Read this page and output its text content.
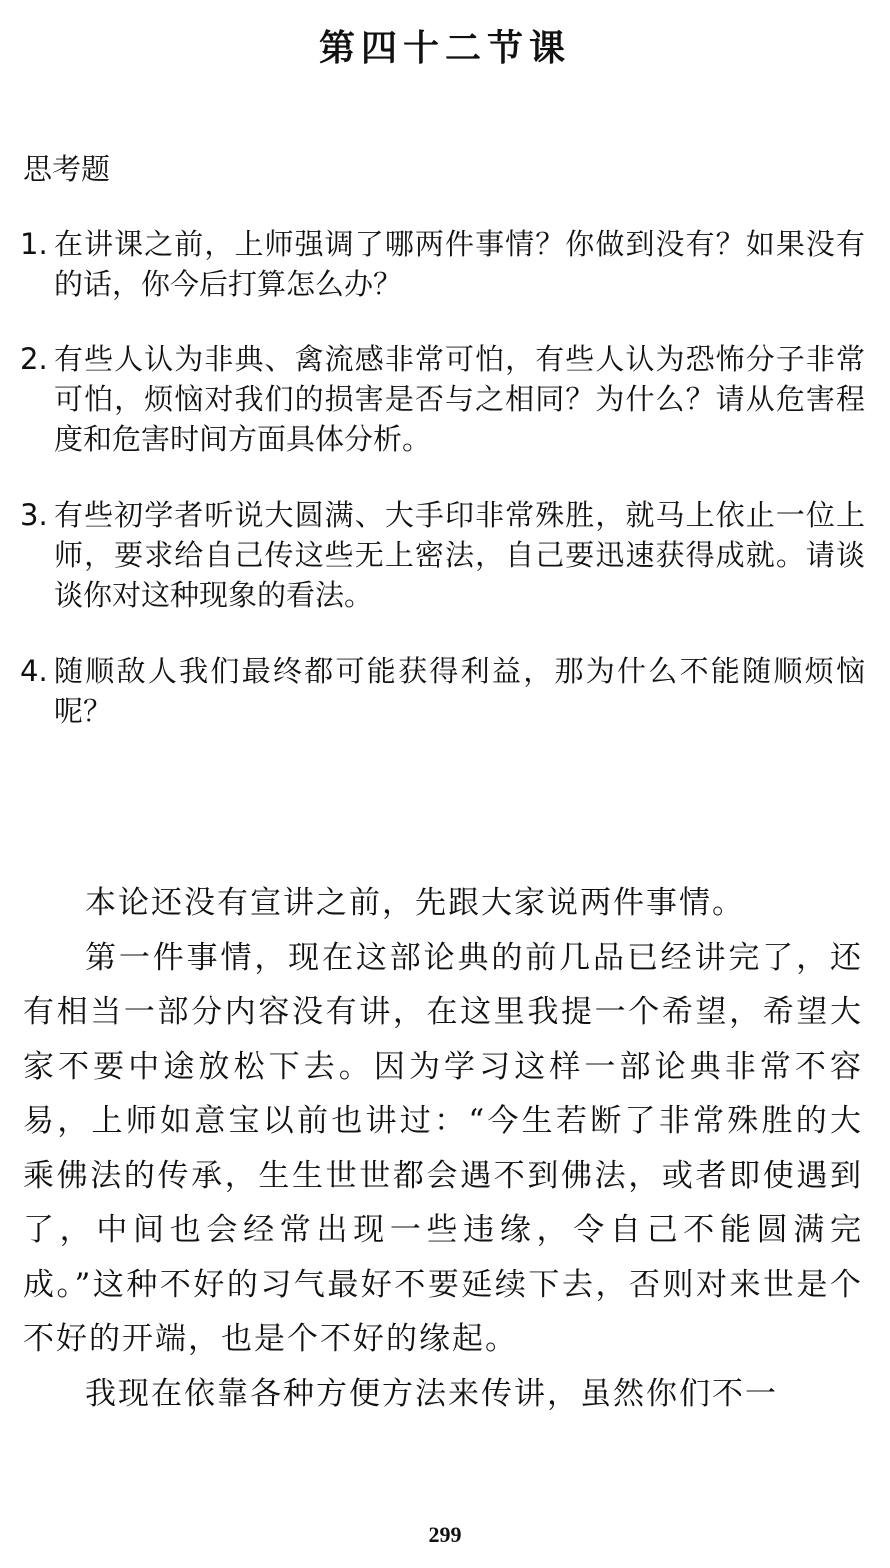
第四十二节课
思考题
1. 在讲课之前，上师强调了哪两件事情？你做到没有？如果没有的话，你今后打算怎么办？
2. 有些人认为非典、禽流感非常可怕，有些人认为恐怖分子非常可怕，烦恼对我们的损害是否与之相同？为什么？请从危害程度和危害时间方面具体分析。
3. 有些初学者听说大圆满、大手印非常殊胜，就马上依止一位上师，要求给自己传这些无上密法，自己要迅速获得成就。请谈谈你对这种现象的看法。
4. 随顺敌人我们最终都可能获得利益，那为什么不能随顺烦恼呢？

本论还没有宣讲之前，先跟大家说两件事情。

第一件事情，现在这部论典的前几品已经讲完了，还有相当一部分内容没有讲，在这里我提一个希望，希望大家不要中途放松下去。因为学习这样一部论典非常不容易，上师如意宝以前也讲过：“今生若断了非常殊胜的大乘佛法的传承，生生世世都会遇不到佛法，或者即使遇到了，中间也会经常出现一些违缘，令自己不能圆满完成。”这种不好的习气最好不要延续下去，否则对来世是个不好的开端，也是个不好的缘起。

我现在依靠各种方便方法来传讲，虽然你们不一

299
